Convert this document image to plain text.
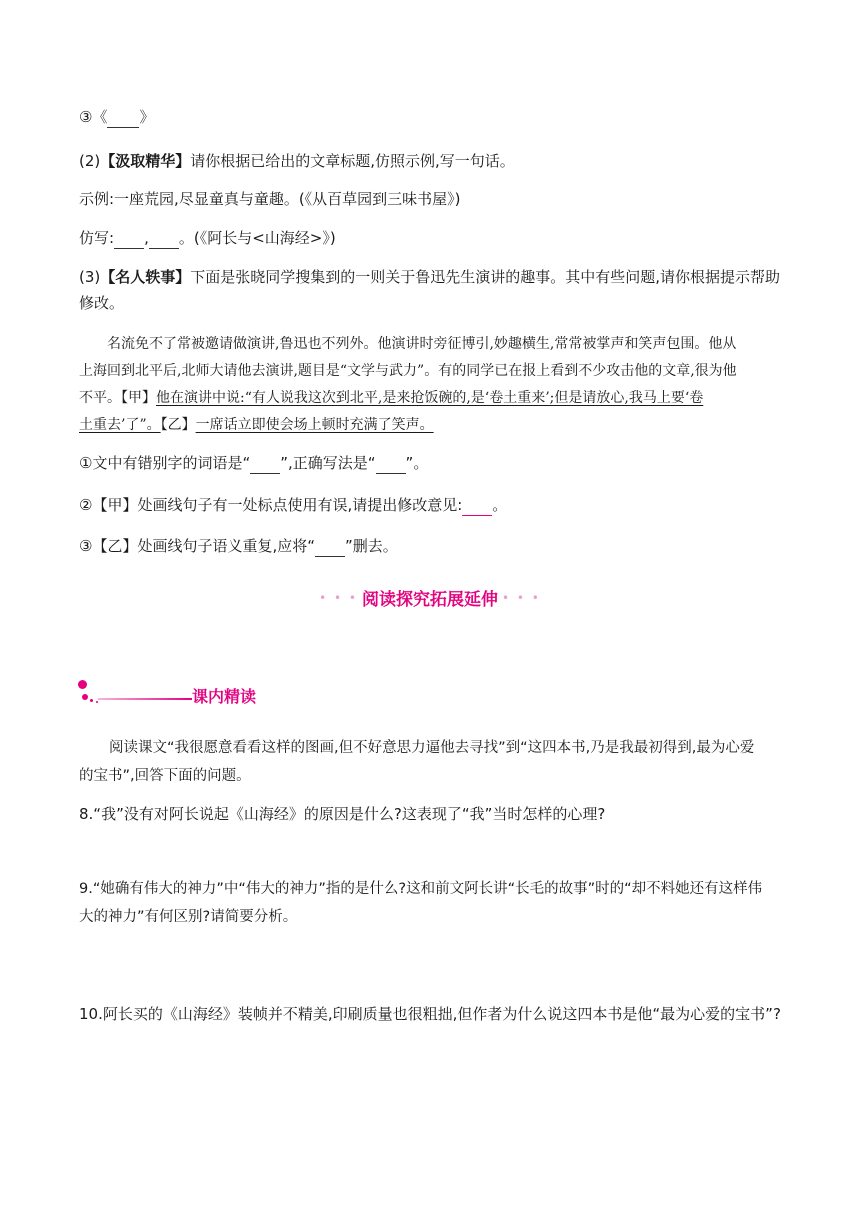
③《 》
(2)【汲取精华】请你根据已给出的文章标题,仿照示例,写一句话。
示例:一座荒园,尽显童真与童趣。(《从百草园到三味书屋》)
仿写: , 。(《阿长与<山海经>》)
(3)【名人轶事】下面是张晓同学搜集到的一则关于鲁迅先生演讲的趣事。其中有些问题,请你根据提示帮助
修改。
名流免不了常被邀请做演讲,鲁迅也不列外。他演讲时旁征博引,妙趣横生,常常被掌声和笑声包围。他从
上海回到北平后,北师大请他去演讲,题目是“文学与武力”。有的同学已在报上看到不少攻击他的文章,很为他
不平。【甲】他在演讲中说:“有人说我这次到北平,是来抢饭碗的,是‘卷土重来’;但是请放心,我马上要‘卷
土重去’了”。【乙】一席话立即使会场上顿时充满了笑声。
①文中有错别字的词语是“ ”,正确写法是“ ”。
②【甲】处画线句子有一处标点使用有误,请提出修改意见: 。
③【乙】处画线句子语义重复,应将“ ”删去。
• • • 阅读探究拓展延伸 • • •
课内精读
阅读课文“我很愿意看看这样的图画,但不好意思力逼他去寻找”到“这四本书,乃是我最初得到,最为心爱
的宝书”,回答下面的问题。
8.“我”没有对阿长说起《山海经》的原因是什么?这表现了“我”当时怎样的心理?
9.“她确有伟大的神力”中“伟大的神力”指的是什么?这和前文阿长讲“长毛的故事”时的“却不料她还有这样伟
大的神力”有何区别?请简要分析。
10.阿长买的《山海经》装帧并不精美,印刷质量也很粗拙,但作者为什么说这四本书是他“最为心爱的宝书”?
